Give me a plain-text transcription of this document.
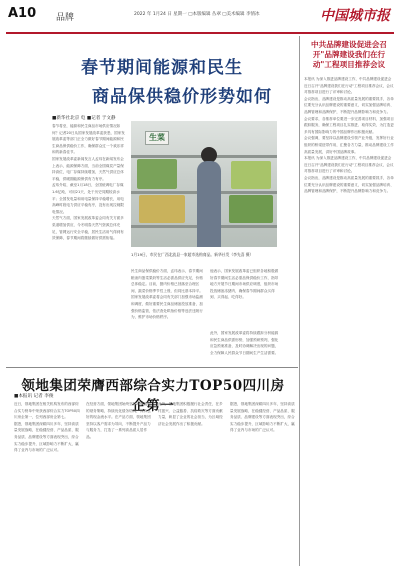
A10 品牌	2022 年 1月24 日 星期一 □本版编辑 丛翠 □美术编辑 李情冰	中国城市报
春节期间能源和民生
商品保供稳价形势如何
■新华社北京 电 ■记者 于文静

春节将至，能源和民生商品市场供应情况如何？记者20日从国家发展改革委获悉，国家发展改革委等部门正全力做好春节期间能源和民生商品保供稳价工作，确保群众过一个欢乐祥和的新春佳节。

国家发展改革委新闻发言人孟玮在新闻发布会上表示，能源保障方面，当前全国煤炭产量保持高位，电厂存煤持续增加，天然气供应总体平稳，供暖期能源保供有力有序。

孟玮介绍，截至1月18日，全国统调电厂存煤1.6亿吨，可用21天，处于历史同期较高水平；全国发电量和用电量保持平稳增长，用电高峰时段电力供应平稳有序，没有出现拉闸限电情况。

天然气方面，国家发展改革委会同有关方面多渠道增加供应，今冬明春天然气资源总体充足，管网运行安全平稳，居民生活用气得到有效保障，春节期间将继续做好供需衔接。

生菜
1月19日，市民在广西北流县一家超市选购商品。新华社发（李先喜 摄）

民生商品保供稳价方面，孟玮表示，春节期间粮油肉蛋菜果奶等生活必需品供应充足，价格总体稳定。目前，猪肉价格已回落至合理区间，蔬菜价格季节性上涨，但同比基本持平。

国家发展改革委将会同有关部门加强市场监测和调度，做好重要民生商品储备投放准备，加强价格监管，依法查处哄抬价格等违法违规行为，维护市场价格秩序。

他表示，国家发展改革委已组织各地积极做好春节期间生活必需品保供稳价工作，指导地方开展节日期间市场供应调度，组织市场投放储备冻猪肉，确保春节期间群众买得到、买得起、吃得好。

此外，国家发展改革委将持续跟踪分析能源和民生商品供需形势，加强预研预判，强化应急预案准备，及时协调解决出现的问题，全力保障人民群众节日期间生产生活需要。

领地集团荣膺西部综合实力TOP50四川房企第一
■本报讯 记者 李俊

近日，领地集团在相关机构发布的西部综合实力榜单中荣获西部综合实力TOP50四川房企第一，位列西部房企第七。

据悉，领地集团深耕四川多年，坚持高质量发展战略，在稳健经营、产品品质、服务品质、品牌建设等方面表现突出，综合实力稳步提升，区域影响力不断扩大，赢得了业内与市场的广泛认可。

在经营方面，领地集团始终坚持审慎稳健的财务策略，持续优化债务结构，保持良好的现金流水平。在产品方面，领地集团坚持以客户需求为导向，不断提升产品力与服务力，打造了一系列高品质人居作品。

此外，领地集团积极履行社会责任，在乡村振兴、公益慈善、抗疫救灾等方面贡献力量，彰显了企业的社会担当，为区域经济社会发展作出了积极贡献。

据悉，领地集团深耕四川多年，坚持高质量发展战略，在稳健经营、产品品质、服务品质、品牌建设等方面表现突出，综合实力稳步提升，区域影响力不断扩大，赢得了业内与市场的广泛认可。

中共品牌建设促进会召开"品牌建设我们在行动"工程项目推荐会议

本报讯 为深入推进品牌建设工作，中共品牌建设促进会近日召开"品牌建设我们在行动"工程项目推荐会议，会议对推荐项目进行了评审和讨论。

会议指出，品牌建设是推动高质量发展的重要抓手，各单位要充分认识品牌建设的重要意义，切实加强品牌培育、品牌管理和品牌保护，不断提升品牌影响力和竞争力。

会议要求，各推荐单位要进一步完善项目材料，加强项目跟踪服务，确保工程项目扎实推进、取得实效，为打造更多具有国际影响力的中国品牌作出积极贡献。

会议强调，要坚持以品牌建设引领产业升级，发挥好行业组织的桥梁纽带作用，汇聚各方力量，推动品牌建设工作高质量发展，讲好中国品牌故事。

本报讯 为深入推进品牌建设工作，中共品牌建设促进会近日召开"品牌建设我们在行动"工程项目推荐会议，会议对推荐项目进行了评审和讨论。

会议指出，品牌建设是推动高质量发展的重要抓手，各单位要充分认识品牌建设的重要意义，切实加强品牌培育、品牌管理和品牌保护，不断提升品牌影响力和竞争力。
